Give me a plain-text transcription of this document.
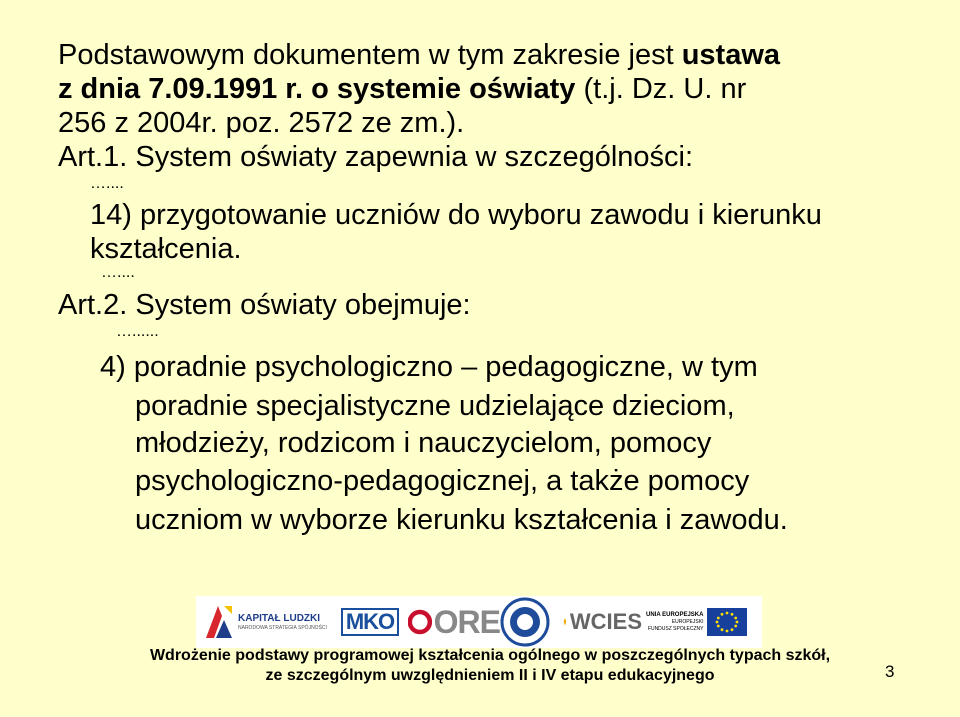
Podstawowym dokumentem w tym zakresie jest ustawa
z dnia 7.09.1991 r. o systemie oświaty (t.j. Dz. U. nr
256 z 2004r. poz. 2572 ze zm.).
Art.1. System oświaty zapewnia w szczególności:
…....
14) przygotowanie uczniów do wyboru zawodu i kierunku
kształcenia.
…....
Art.2. System oświaty obejmuje:
…......
4) poradnie psychologiczno – pedagogiczne, w tym
poradnie specjalistyczne udzielające dzieciom,
młodzieży, rodzicom i nauczycielom, pomocy
psychologiczno-pedagogicznej, a także pomocy
uczniom w wyborze kierunku kształcenia i zawodu.
KAPITAŁ LUDZKI
NARODOWA STRATEGIA SPÓJNOŚCI MKO ORE	WCIES UNIA EUROPEJSKA
EUROPEJSKI
FUNDUSZ SPOŁECZNY
Wdrożenie podstawy programowej kształcenia ogólnego w poszczególnych typach szkół,
ze szczególnym uwzględnieniem II i IV etapu edukacyjnego	3
